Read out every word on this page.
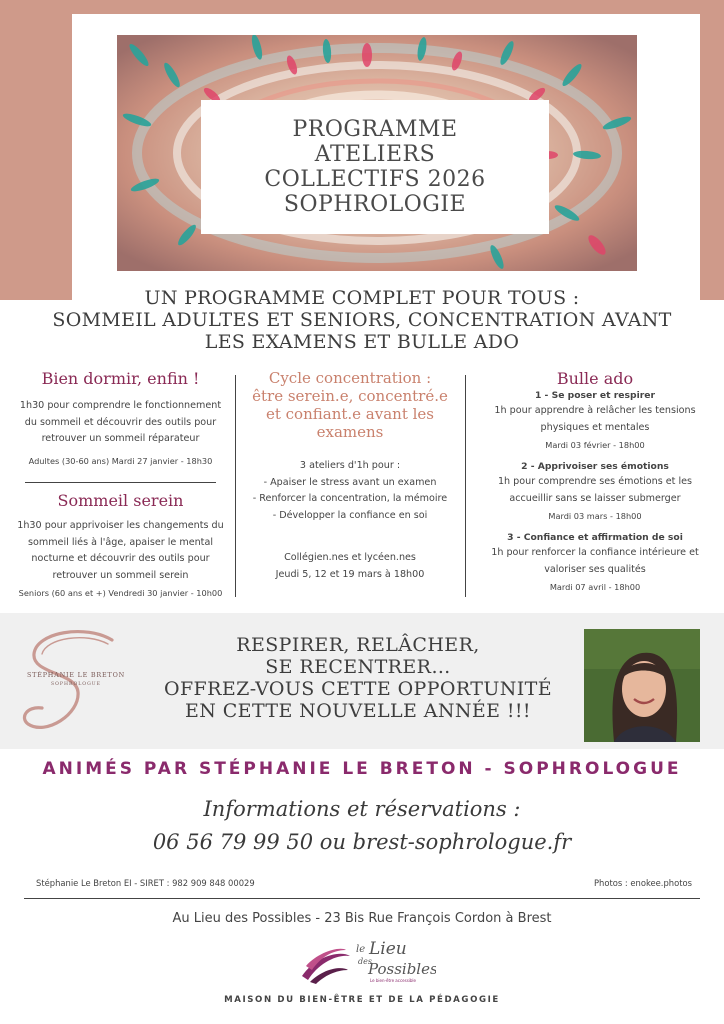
PROGRAMME
ATELIERS
COLLECTIFS 2026
SOPHROLOGIE
UN PROGRAMME COMPLET POUR TOUS :
SOMMEIL ADULTES ET SENIORS, CONCENTRATION AVANT
LES EXAMENS ET BULLE ADO
Bien dormir, enfin !
1h30 pour comprendre le fonctionnement
du sommeil et découvrir des outils pour
retrouver un sommeil réparateur
Adultes (30-60 ans) Mardi 27 janvier - 18h30
Sommeil serein
1h30 pour apprivoiser les changements du
sommeil liés à l'âge, apaiser le mental
nocturne et découvrir des outils pour
retrouver un sommeil serein
Seniors (60 ans et +) Vendredi 30 janvier - 10h00
Cycle concentration :
être serein.e, concentré.e
et confiant.e avant les
examens
3 ateliers d'1h pour :
- Apaiser le stress avant un examen
- Renforcer la concentration, la mémoire
- Développer la confiance en soi
Collégien.nes et lycéen.nes
Jeudi 5, 12 et 19 mars à 18h00
Bulle ado
1 - Se poser et respirer
1h pour apprendre à relâcher les tensions
physiques et mentales
Mardi 03 février - 18h00
2 - Apprivoiser ses émotions
1h pour comprendre ses émotions et les
accueillir sans se laisser submerger
Mardi 03 mars - 18h00
3 - Confiance et affirmation de soi
1h pour renforcer la confiance intérieure et
valoriser ses qualités
Mardi 07 avril - 18h00
STÉPHANIE LE BRETON
SOPHROLOGUE
RESPIRER, RELÂCHER,
SE RECENTRER…
OFFREZ-VOUS CETTE OPPORTUNITÉ
EN CETTE NOUVELLE ANNÉE !!!
ANIMÉS PAR STÉPHANIE LE BRETON - SOPHROLOGUE
Informations et réservations :
06 56 79 99 50 ou brest-sophrologue.fr
Stéphanie Le Breton EI - SIRET : 982 909 848 00029	Photos : enokee.photos
Au Lieu des Possibles - 23 Bis Rue François Cordon à Brest
le Lieu
des
Possibles
Le bien-être accessible
MAISON DU BIEN-ÊTRE ET DE LA PÉDAGOGIE
